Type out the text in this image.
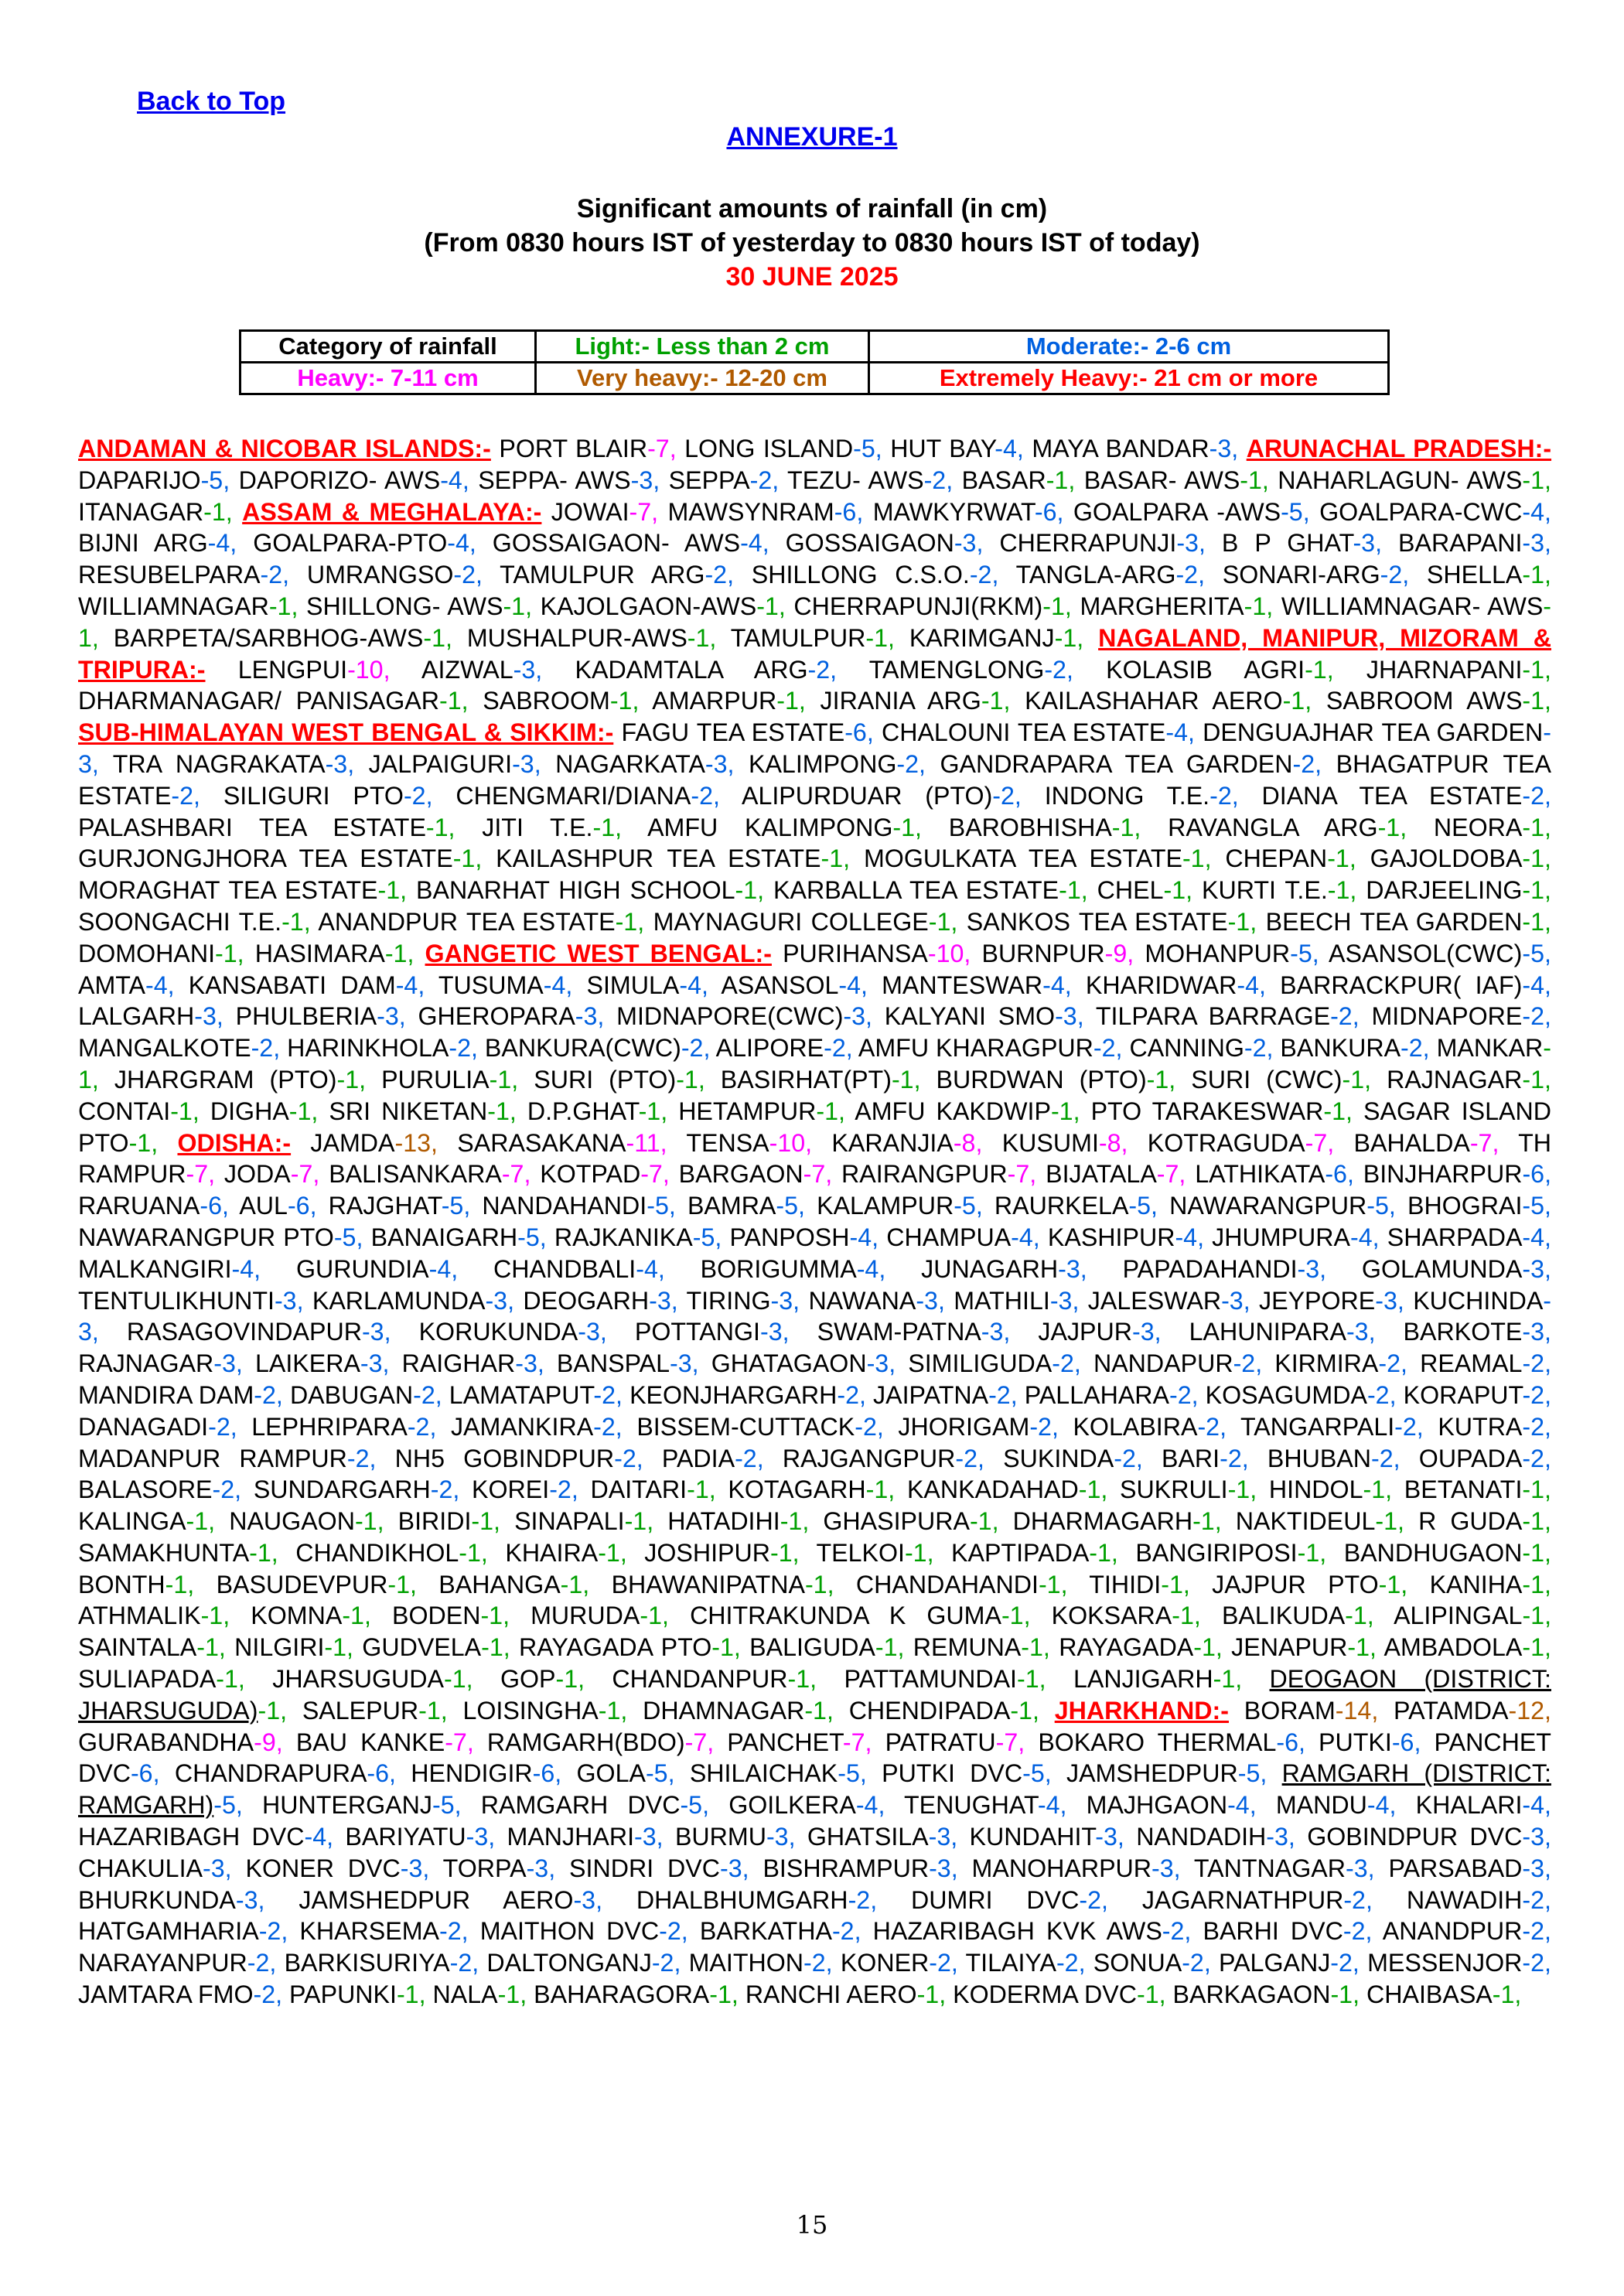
Back to Top
ANNEXURE-1
Significant amounts of rainfall (in cm)
(From 0830 hours IST of yesterday to 0830 hours IST of today)
30 JUNE 2025
Category of rainfall	Light:- Less than 2 cm	Moderate:- 2-6 cm
Heavy:- 7-11 cm	Very heavy:- 12-20 cm	Extremely Heavy:- 21 cm or more
ANDAMAN & NICOBAR ISLANDS:- PORT BLAIR-7, LONG ISLAND-5, HUT BAY-4, MAYA BANDAR-3, ARUNACHAL PRADESH:- DAPARIJO-5, DAPORIZO- AWS-4, SEPPA- AWS-3, SEPPA-2, TEZU- AWS-2, BASAR-1, BASAR- AWS-1, NAHARLAGUN- AWS-1, ITANAGAR-1, ASSAM & MEGHALAYA:- JOWAI-7, MAWSYNRAM-6, MAWKYRWAT-6, GOALPARA -AWS-5, GOALPARA-CWC-4, BIJNI ARG-4, GOALPARA-PTO-4, GOSSAIGAON- AWS-4, GOSSAIGAON-3, CHERRAPUNJI-3, B P GHAT-3, BARAPANI-3, RESUBELPARA-2, UMRANGSO-2, TAMULPUR ARG-2, SHILLONG C.S.O.-2, TANGLA-ARG-2, SONARI-ARG-2, SHELLA-1, WILLIAMNAGAR-1, SHILLONG- AWS-1, KAJOLGAON-AWS-1, CHERRAPUNJI(RKM)-1, MARGHERITA-1, WILLIAMNAGAR- AWS-1, BARPETA/SARBHOG-AWS-1, MUSHALPUR-AWS-1, TAMULPUR-1, KARIMGANJ-1, NAGALAND, MANIPUR, MIZORAM & TRIPURA:- LENGPUI-10, AIZWAL-3, KADAMTALA ARG-2, TAMENGLONG-2, KOLASIB AGRI-1, JHARNAPANI-1, DHARMANAGAR/ PANISAGAR-1, SABROOM-1, AMARPUR-1, JIRANIA ARG-1, KAILASHAHAR AERO-1, SABROOM AWS-1, SUB-HIMALAYAN WEST BENGAL & SIKKIM:- FAGU TEA ESTATE-6, CHALOUNI TEA ESTATE-4, DENGUAJHAR TEA GARDEN-3, TRA NAGRAKATA-3, JALPAIGURI-3, NAGARKATA-3, KALIMPONG-2, GANDRAPARA TEA GARDEN-2, BHAGATPUR TEA ESTATE-2, SILIGURI PTO-2, CHENGMARI/DIANA-2, ALIPURDUAR (PTO)-2, INDONG T.E.-2, DIANA TEA ESTATE-2, PALASHBARI TEA ESTATE-1, JITI T.E.-1, AMFU KALIMPONG-1, BAROBHISHA-1, RAVANGLA ARG-1, NEORA-1, GURJONGJHORA TEA ESTATE-1, KAILASHPUR TEA ESTATE-1, MOGULKATA TEA ESTATE-1, CHEPAN-1, GAJOLDOBA-1, MORAGHAT TEA ESTATE-1, BANARHAT HIGH SCHOOL-1, KARBALLA TEA ESTATE-1, CHEL-1, KURTI T.E.-1, DARJEELING-1, SOONGACHI T.E.-1, ANANDPUR TEA ESTATE-1, MAYNAGURI COLLEGE-1, SANKOS TEA ESTATE-1, BEECH TEA GARDEN-1, DOMOHANI-1, HASIMARA-1, GANGETIC WEST BENGAL:- PURIHANSA-10, BURNPUR-9, MOHANPUR-5, ASANSOL(CWC)-5, AMTA-4, KANSABATI DAM-4, TUSUMA-4, SIMULA-4, ASANSOL-4, MANTESWAR-4, KHARIDWAR-4, BARRACKPUR( IAF)-4, LALGARH-3, PHULBERIA-3, GHEROPARA-3, MIDNAPORE(CWC)-3, KALYANI SMO-3, TILPARA BARRAGE-2, MIDNAPORE-2, MANGALKOTE-2, HARINKHOLA-2, BANKURA(CWC)-2, ALIPORE-2, AMFU KHARAGPUR-2, CANNING-2, BANKURA-2, MANKAR-1, JHARGRAM (PTO)-1, PURULIA-1, SURI (PTO)-1, BASIRHAT(PT)-1, BURDWAN (PTO)-1, SURI (CWC)-1, RAJNAGAR-1, CONTAI-1, DIGHA-1, SRI NIKETAN-1, D.P.GHAT-1, HETAMPUR-1, AMFU KAKDWIP-1, PTO TARAKESWAR-1, SAGAR ISLAND PTO-1, ODISHA:- JAMDA-13, SARASAKANA-11, TENSA-10, KARANJIA-8, KUSUMI-8, KOTRAGUDA-7, BAHALDA-7, TH RAMPUR-7, JODA-7, BALISANKARA-7, KOTPAD-7, BARGAON-7, RAIRANGPUR-7, BIJATALA-7, LATHIKATA-6, BINJHARPUR-6, RARUANA-6, AUL-6, RAJGHAT-5, NANDAHANDI-5, BAMRA-5, KALAMPUR-5, RAURKELA-5, NAWARANGPUR-5, BHOGRAI-5, NAWARANGPUR PTO-5, BANAIGARH-5, RAJKANIKA-5, PANPOSH-4, CHAMPUA-4, KASHIPUR-4, JHUMPURA-4, SHARPADA-4, MALKANGIRI-4, GURUNDIA-4, CHANDBALI-4, BORIGUMMA-4, JUNAGARH-3, PAPADAHANDI-3, GOLAMUNDA-3, TENTULIKHUNTI-3, KARLAMUNDA-3, DEOGARH-3, TIRING-3, NAWANA-3, MATHILI-3, JALESWAR-3, JEYPORE-3, KUCHINDA-3, RASAGOVINDAPUR-3, KORUKUNDA-3, POTTANGI-3, SWAM-PATNA-3, JAJPUR-3, LAHUNIPARA-3, BARKOTE-3, RAJNAGAR-3, LAIKERA-3, RAIGHAR-3, BANSPAL-3, GHATAGAON-3, SIMILIGUDA-2, NANDAPUR-2, KIRMIRA-2, REAMAL-2, MANDIRA DAM-2, DABUGAN-2, LAMATAPUT-2, KEONJHARGARH-2, JAIPATNA-2, PALLAHARA-2, KOSAGUMDA-2, KORAPUT-2, DANAGADI-2, LEPHRIPARA-2, JAMANKIRA-2, BISSEM-CUTTACK-2, JHORIGAM-2, KOLABIRA-2, TANGARPALI-2, KUTRA-2, MADANPUR RAMPUR-2, NH5 GOBINDPUR-2, PADIA-2, RAJGANGPUR-2, SUKINDA-2, BARI-2, BHUBAN-2, OUPADA-2, BALASORE-2, SUNDARGARH-2, KOREI-2, DAITARI-1, KOTAGARH-1, KANKADAHAD-1, SUKRULI-1, HINDOL-1, BETANATI-1, KALINGA-1, NAUGAON-1, BIRIDI-1, SINAPALI-1, HATADIHI-1, GHASIPURA-1, DHARMAGARH-1, NAKTIDEUL-1, R GUDA-1, SAMAKHUNTA-1, CHANDIKHOL-1, KHAIRA-1, JOSHIPUR-1, TELKOI-1, KAPTIPADA-1, BANGIRIPOSI-1, BANDHUGAON-1, BONTH-1, BASUDEVPUR-1, BAHANGA-1, BHAWANIPATNA-1, CHANDAHANDI-1, TIHIDI-1, JAJPUR PTO-1, KANIHA-1, ATHMALIK-1, KOMNA-1, BODEN-1, MURUDA-1, CHITRAKUNDA K GUMA-1, KOKSARA-1, BALIKUDA-1, ALIPINGAL-1, SAINTALA-1, NILGIRI-1, GUDVELA-1, RAYAGADA PTO-1, BALIGUDA-1, REMUNA-1, RAYAGADA-1, JENAPUR-1, AMBADOLA-1, SULIAPADA-1, JHARSUGUDA-1, GOP-1, CHANDANPUR-1, PATTAMUNDAI-1, LANJIGARH-1, DEOGAON (DISTRICT: JHARSUGUDA)-1, SALEPUR-1, LOISINGHA-1, DHAMNAGAR-1, CHENDIPADA-1, JHARKHAND:- BORAM-14, PATAMDA-12, GURABANDHA-9, BAU KANKE-7, RAMGARH(BDO)-7, PANCHET-7, PATRATU-7, BOKARO THERMAL-6, PUTKI-6, PANCHET DVC-6, CHANDRAPURA-6, HENDIGIR-6, GOLA-5, SHILAICHAK-5, PUTKI DVC-5, JAMSHEDPUR-5, RAMGARH (DISTRICT: RAMGARH)-5, HUNTERGANJ-5, RAMGARH DVC-5, GOILKERA-4, TENUGHAT-4, MAJHGAON-4, MANDU-4, KHALARI-4, HAZARIBAGH DVC-4, BARIYATU-3, MANJHARI-3, BURMU-3, GHATSILA-3, KUNDAHIT-3, NANDADIH-3, GOBINDPUR DVC-3, CHAKULIA-3, KONER DVC-3, TORPA-3, SINDRI DVC-3, BISHRAMPUR-3, MANOHARPUR-3, TANTNAGAR-3, PARSABAD-3, BHURKUNDA-3, JAMSHEDPUR AERO-3, DHALBHUMGARH-2, DUMRI DVC-2, JAGARNATHPUR-2, NAWADIH-2, HATGAMHARIA-2, KHARSEMA-2, MAITHON DVC-2, BARKATHA-2, HAZARIBAGH KVK AWS-2, BARHI DVC-2, ANANDPUR-2, NARAYANPUR-2, BARKISURIYA-2, DALTONGANJ-2, MAITHON-2, KONER-2, TILAIYA-2, SONUA-2, PALGANJ-2, MESSENJOR-2, JAMTARA FMO-2, PAPUNKI-1, NALA-1, BAHARAGORA-1, RANCHI AERO-1, KODERMA DVC-1, BARKAGAON-1, CHAIBASA-1,
15
